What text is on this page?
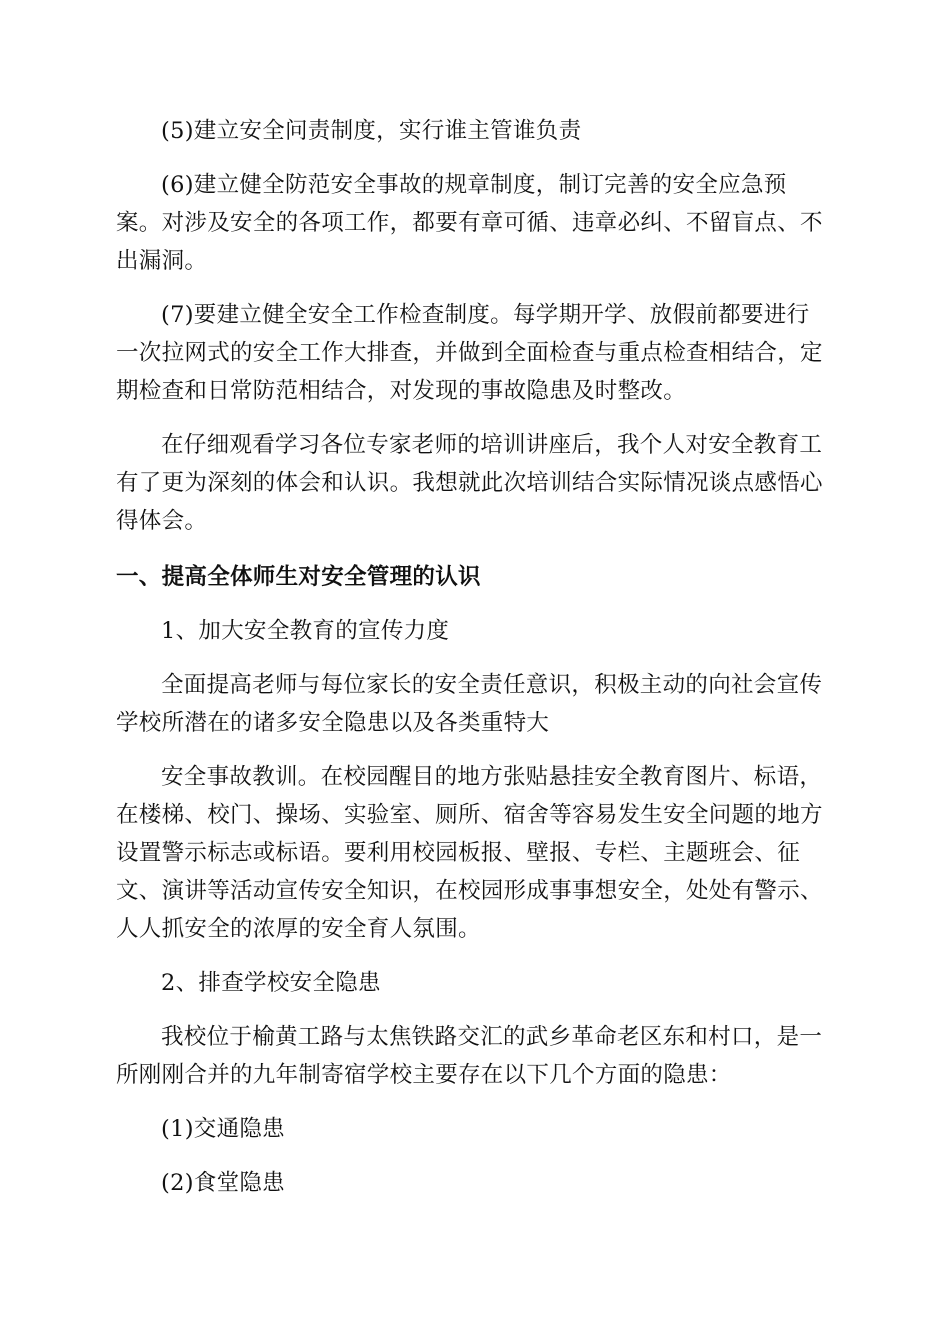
(5)建立安全问责制度，实行谁主管谁负责

(6)建立健全防范安全事故的规章制度，制订完善的安全应急预案。对涉及安全的各项工作，都要有章可循、违章必纠、不留盲点、不出漏洞。

(7)要建立健全安全工作检查制度。每学期开学、放假前都要进行一次拉网式的安全工作大排查，并做到全面检查与重点检查相结合，定期检查和日常防范相结合，对发现的事故隐患及时整改。

在仔细观看学习各位专家老师的培训讲座后，我个人对安全教育工有了更为深刻的体会和认识。我想就此次培训结合实际情况谈点感悟心得体会。

一、提高全体师生对安全管理的认识

1、加大安全教育的宣传力度

全面提高老师与每位家长的安全责任意识，积极主动的向社会宣传学校所潜在的诸多安全隐患以及各类重特大

安全事故教训。在校园醒目的地方张贴悬挂安全教育图片、标语，在楼梯、校门、操场、实验室、厕所、宿舍等容易发生安全问题的地方设置警示标志或标语。要利用校园板报、壁报、专栏、主题班会、征文、演讲等活动宣传安全知识，在校园形成事事想安全，处处有警示、人人抓安全的浓厚的安全育人氛围。

2、排查学校安全隐患

我校位于榆黄工路与太焦铁路交汇的武乡革命老区东和村口，是一所刚刚合并的九年制寄宿学校主要存在以下几个方面的隐患：

(1)交通隐患

(2)食堂隐患
